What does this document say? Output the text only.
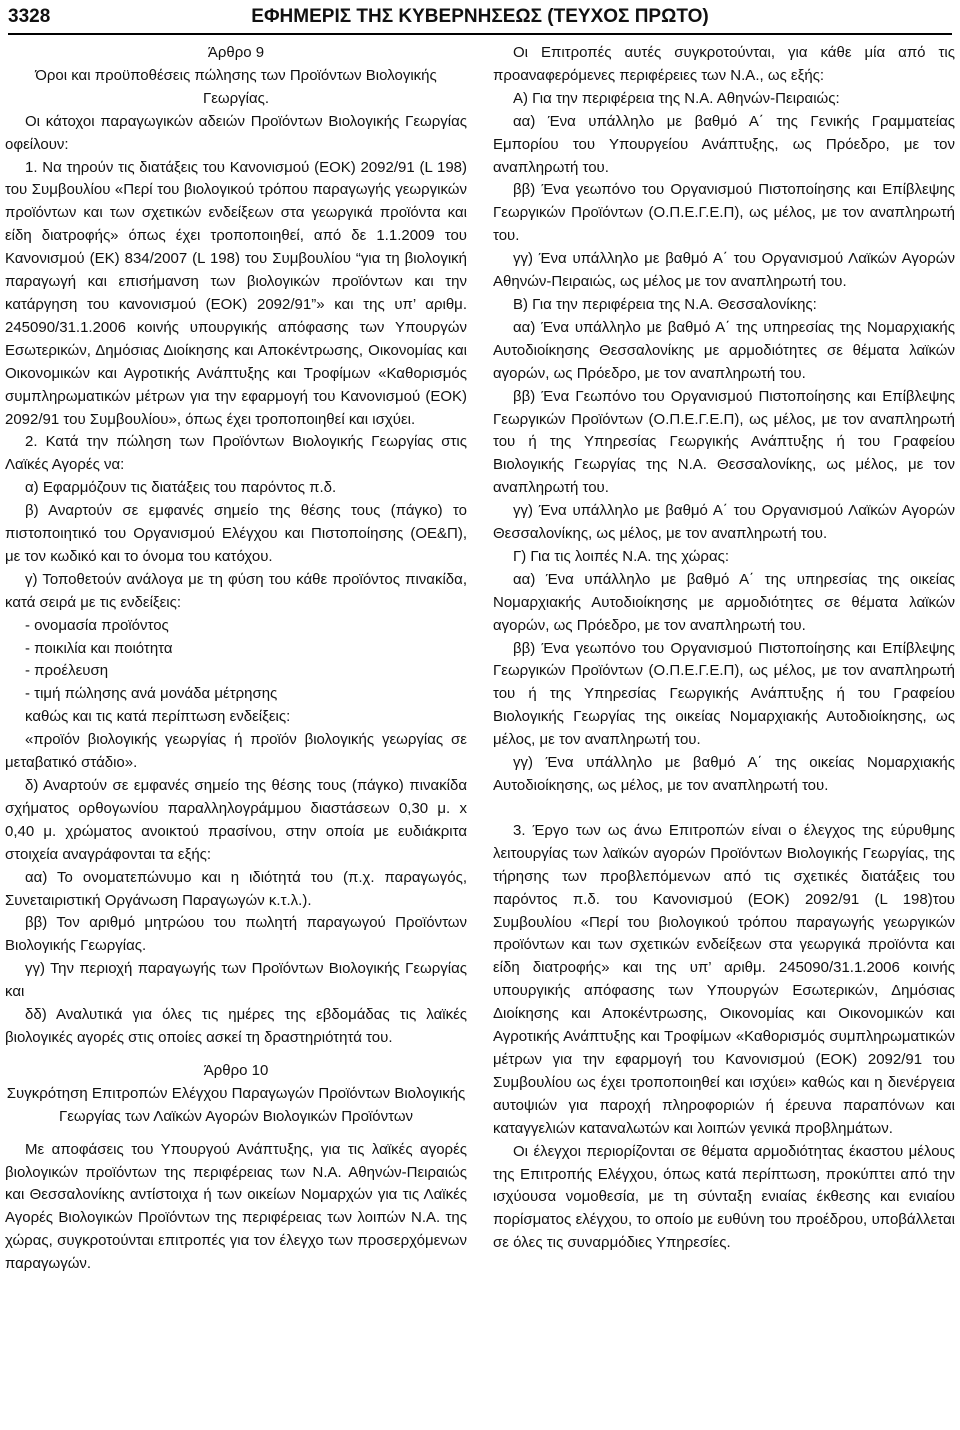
3328	ΕΦΗΜΕΡΙΣ ΤΗΣ ΚΥΒΕΡΝΗΣΕΩΣ (ΤΕΥΧΟΣ ΠΡΩΤΟ)

Άρθρο 9

Όροι και προϋποθέσεις πώλησης των Προϊόντων Βιολογικής Γεωργίας.

Οι κάτοχοι παραγωγικών αδειών Προϊόντων Βιολογικής Γεωργίας οφείλουν:

1. Να τηρούν τις διατάξεις του Κανονισμού (ΕΟΚ) 2092/91 (L 198) του Συμβουλίου «Περί του βιολογικού τρόπου παραγωγής γεωργικών προϊόντων και των σχετικών ενδείξεων στα γεωργικά προϊόντα και είδη διατροφής» όπως έχει τροποποιηθεί, από δε 1.1.2009 του Κανονισμού (ΕΚ) 834/2007 (L 198) του Συμβουλίου “για τη βιολογική παραγωγή και επισήμανση των βιολογικών προϊόντων και την κατάργηση του κανονισμού (ΕΟΚ) 2092/91”» και της υπ’ αριθμ. 245090/31.1.2006 κοινής υπουργικής απόφασης των Υπουργών Εσωτερικών, Δημόσιας Διοίκησης και Αποκέντρωσης, Οικονομίας και Οικονομικών και Αγροτικής Ανάπτυξης και Τροφίμων «Καθορισμός συμπληρωματικών μέτρων για την εφαρμογή του Κανονισμού (ΕΟΚ) 2092/91 του Συμβουλίου», όπως έχει τροποποιηθεί και ισχύει.

2. Κατά την πώληση των Προϊόντων Βιολογικής Γεωργίας στις Λαϊκές Αγορές να:

α) Εφαρμόζουν τις διατάξεις του παρόντος π.δ.

β) Αναρτούν σε εμφανές σημείο της θέσης τους (πάγκο) το πιστοποιητικό του Οργανισμού Ελέγχου και Πιστοποίησης (ΟΕ&Π), με τον κωδικό και το όνομα του κατόχου.

γ) Τοποθετούν ανάλογα με τη φύση του κάθε προϊόντος πινακίδα, κατά σειρά με τις ενδείξεις:

- ονομασία προϊόντος

- ποικιλία και ποιότητα

- προέλευση

- τιμή πώλησης ανά μονάδα μέτρησης

καθώς και τις κατά περίπτωση ενδείξεις:

«προϊόν βιολογικής γεωργίας ή προϊόν βιολογικής γεωργίας σε μεταβατικό στάδιο».

δ) Αναρτούν σε εμφανές σημείο της θέσης τους (πάγκο) πινακίδα σχήματος ορθογωνίου παραλληλογράμμου διαστάσεων 0,30 μ. x 0,40 μ. χρώματος ανοικτού πρασίνου, στην οποία με ευδιάκριτα στοιχεία αναγράφονται τα εξής:

αα) Το ονοματεπώνυμο και η ιδιότητά του (π.χ. παραγωγός, Συνεταιριστική Οργάνωση Παραγωγών κ.τ.λ.).

ββ) Τον αριθμό μητρώου του πωλητή παραγωγού Προϊόντων Βιολογικής Γεωργίας.

γγ) Την περιοχή παραγωγής των Προϊόντων Βιολογικής Γεωργίας και

δδ) Αναλυτικά για όλες τις ημέρες της εβδομάδας τις λαϊκές βιολογικές αγορές στις οποίες ασκεί τη δραστηριότητά του.

Άρθρο 10

Συγκρότηση Επιτροπών Ελέγχου Παραγωγών Προϊόντων Βιολογικής Γεωργίας των Λαϊκών Αγορών Βιολογικών Προϊόντων

Με αποφάσεις του Υπουργού Ανάπτυξης, για τις λαϊκές αγορές βιολογικών προϊόντων της περιφέρειας των Ν.Α. Αθηνών-Πειραιώς και Θεσσαλονίκης αντίστοιχα ή των οικείων Νομαρχών για τις Λαϊκές Αγορές Βιολογικών Προϊόντων της περιφέρειας των λοιπών Ν.Α. της χώρας, συγκροτούνται επιτροπές για τον έλεγχο των προσερχόμενων παραγωγών.

Οι Επιτροπές αυτές συγκροτούνται, για κάθε μία από τις προαναφερόμενες περιφέρειες των Ν.Α., ως εξής:

Α) Για την περιφέρεια της Ν.Α. Αθηνών-Πειραιώς:

αα) Ένα υπάλληλο με βαθμό Α΄ της Γενικής Γραμματείας Εμπορίου του Υπουργείου Ανάπτυξης, ως Πρόεδρο, με τον αναπληρωτή του.

ββ) Ένα γεωπόνο του Οργανισμού Πιστοποίησης και Επίβλεψης Γεωργικών Προϊόντων (Ο.Π.Ε.Γ.Ε.Π), ως μέλος, με τον αναπληρωτή του.

γγ) Ένα υπάλληλο με βαθμό Α΄ του Οργανισμού Λαϊκών Αγορών Αθηνών-Πειραιώς, ως μέλος με τον αναπληρωτή του.

Β) Για την περιφέρεια της Ν.Α. Θεσσαλονίκης:

αα) Ένα υπάλληλο με βαθμό Α΄ της υπηρεσίας της Νομαρχιακής Αυτοδιοίκησης Θεσσαλονίκης με αρμοδιότητες σε θέματα λαϊκών αγορών, ως Πρόεδρο, με τον αναπληρωτή του.

ββ) Ένα Γεωπόνο του Οργανισμού Πιστοποίησης και Επίβλεψης Γεωργικών Προϊόντων (Ο.Π.Ε.Γ.Ε.Π), ως μέλος, με τον αναπληρωτή του ή της Υπηρεσίας Γεωργικής Ανάπτυξης ή του Γραφείου Βιολογικής Γεωργίας της Ν.Α. Θεσσαλονίκης, ως μέλος, με τον αναπληρωτή του.

γγ) Ένα υπάλληλο με βαθμό Α΄ του Οργανισμού Λαϊκών Αγορών Θεσσαλονίκης, ως μέλος, με τον αναπληρωτή του.

Γ) Για τις λοιπές Ν.Α. της χώρας:

αα) Ένα υπάλληλο με βαθμό Α΄ της υπηρεσίας της οικείας Νομαρχιακής Αυτοδιοίκησης με αρμοδιότητες σε θέματα λαϊκών αγορών, ως Πρόεδρο, με τον αναπληρωτή του.

ββ) Ένα γεωπόνο του Οργανισμού Πιστοποίησης και Επίβλεψης Γεωργικών Προϊόντων (Ο.Π.Ε.Γ.Ε.Π), ως μέλος, με τον αναπληρωτή του ή της Υπηρεσίας Γεωργικής Ανάπτυξης ή του Γραφείου Βιολογικής Γεωργίας της οικείας Νομαρχιακής Αυτοδιοίκησης, ως μέλος, με τον αναπληρωτή του.

γγ) Ένα υπάλληλο με βαθμό Α΄ της οικείας Νομαρχιακής Αυτοδιοίκησης, ως μέλος, με τον αναπληρωτή του.

3. Έργο των ως άνω Επιτροπών είναι ο έλεγχος της εύρυθμης λειτουργίας των λαϊκών αγορών Προϊόντων Βιολογικής Γεωργίας, της τήρησης των προβλεπόμενων από τις σχετικές διατάξεις του παρόντος π.δ. του Κανονισμού (ΕΟΚ) 2092/91 (L 198)του Συμβουλίου «Περί του βιολογικού τρόπου παραγωγής γεωργικών προϊόντων και των σχετικών ενδείξεων στα γεωργικά προϊόντα και είδη διατροφής» και της υπ’ αριθμ. 245090/31.1.2006 κοινής υπουργικής απόφασης των Υπουργών Εσωτερικών, Δημόσιας Διοίκησης και Αποκέντρωσης, Οικονομίας και Οικονομικών και Αγροτικής Ανάπτυξης και Τροφίμων «Καθορισμός συμπληρωματικών μέτρων για την εφαρμογή του Κανονισμού (ΕΟΚ) 2092/91 του Συμβουλίου ως έχει τροποποιηθεί και ισχύει» καθώς και η διενέργεια αυτοψιών για παροχή πληροφοριών ή έρευνα παραπόνων και καταγγελιών καταναλωτών και λοιπών γενικά προβλημάτων.

Οι έλεγχοι περιορίζονται σε θέματα αρμοδιότητας έκαστου μέλους της Επιτροπής Ελέγχου, όπως κατά περίπτωση, προκύπτει από την ισχύουσα νομοθεσία, με τη σύνταξη ενιαίας έκθεσης και ενιαίου πορίσματος ελέγχου, το οποίο με ευθύνη του προέδρου, υποβάλλεται σε όλες τις συναρμόδιες Υπηρεσίες.
